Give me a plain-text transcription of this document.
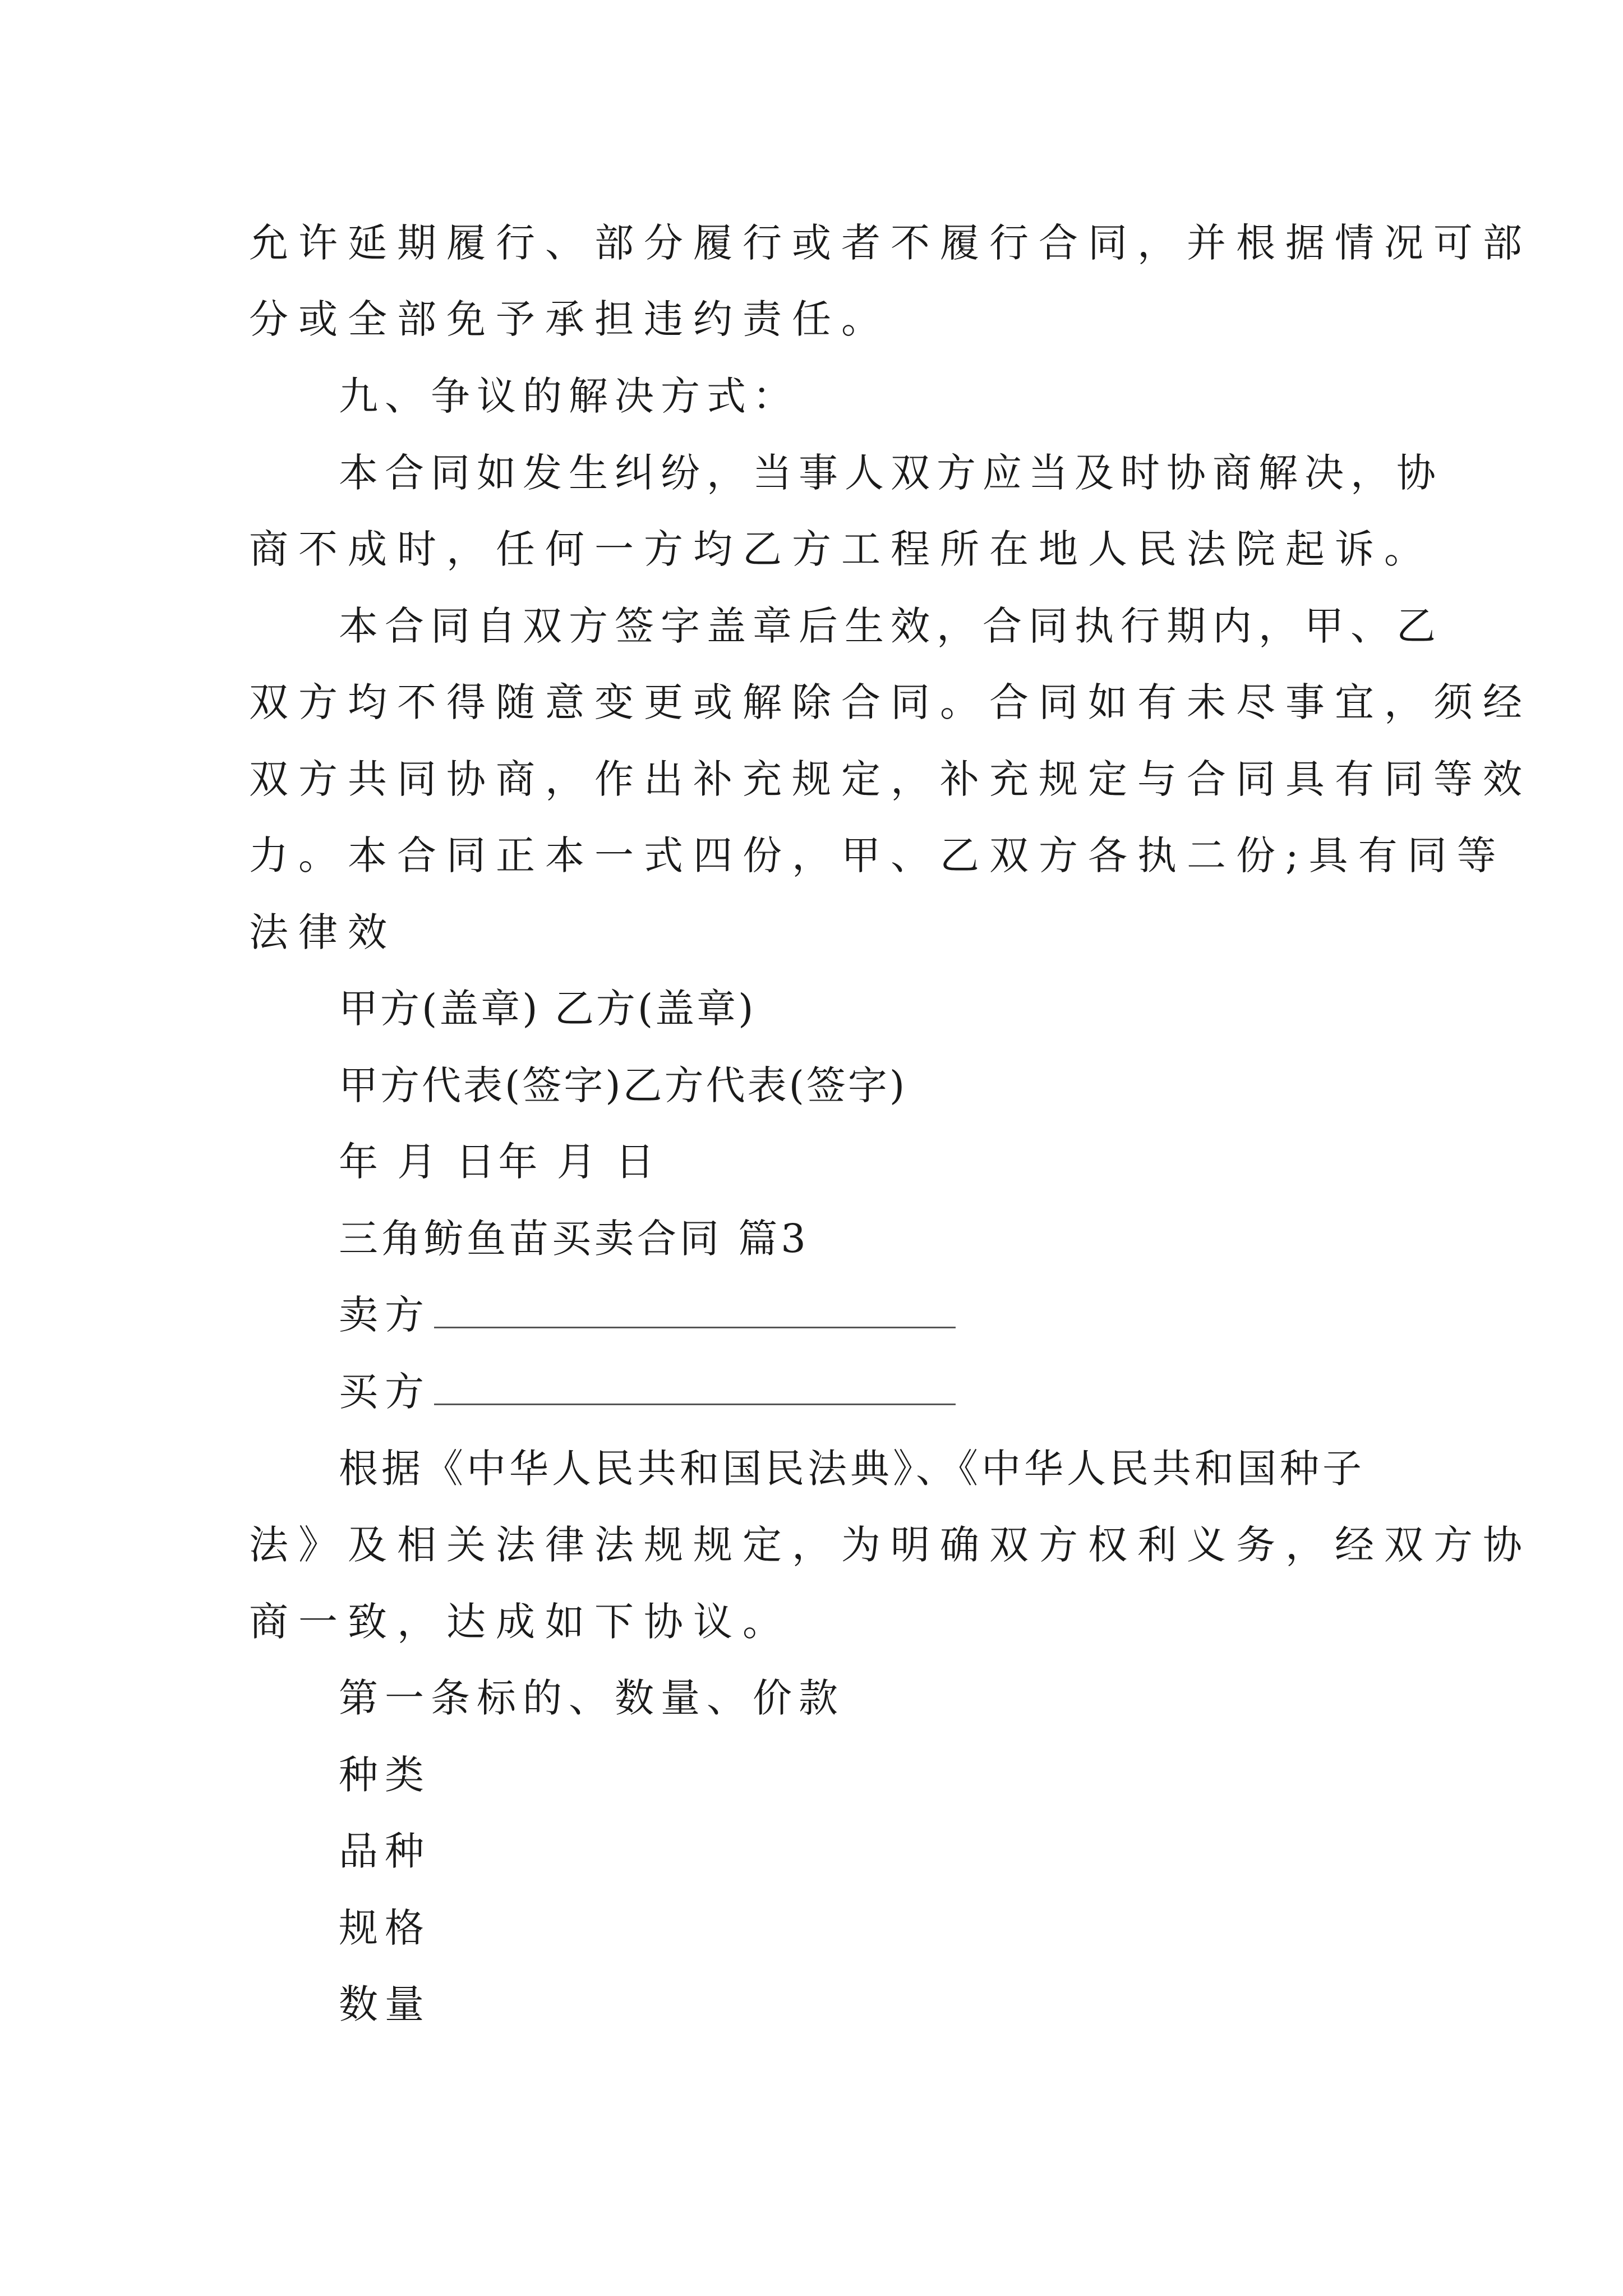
允许延期履行、部分履行或者不履行合同，并根据情况可部
分或全部免予承担违约责任。
九、争议的解决方式：
本合同如发生纠纷，当事人双方应当及时协商解决，协
商不成时，任何一方均乙方工程所在地人民法院起诉。
本合同自双方签字盖章后生效，合同执行期内，甲、乙
双方均不得随意变更或解除合同。合同如有未尽事宜，须经
双方共同协商，作出补充规定，补充规定与合同具有同等效
力。本合同正本一式四份，甲、乙双方各执二份;具有同等
法律效
甲方(盖章) 乙方(盖章)
甲方代表(签字)乙方代表(签字)
年 月 日年 月 日
三角鲂鱼苗买卖合同 篇3
卖方
买方
根据《中华人民共和国民法典》、《中华人民共和国种子
法》及相关法律法规规定，为明确双方权利义务，经双方协
商一致，达成如下协议。
第一条标的、数量、价款
种类
品种
规格
数量
